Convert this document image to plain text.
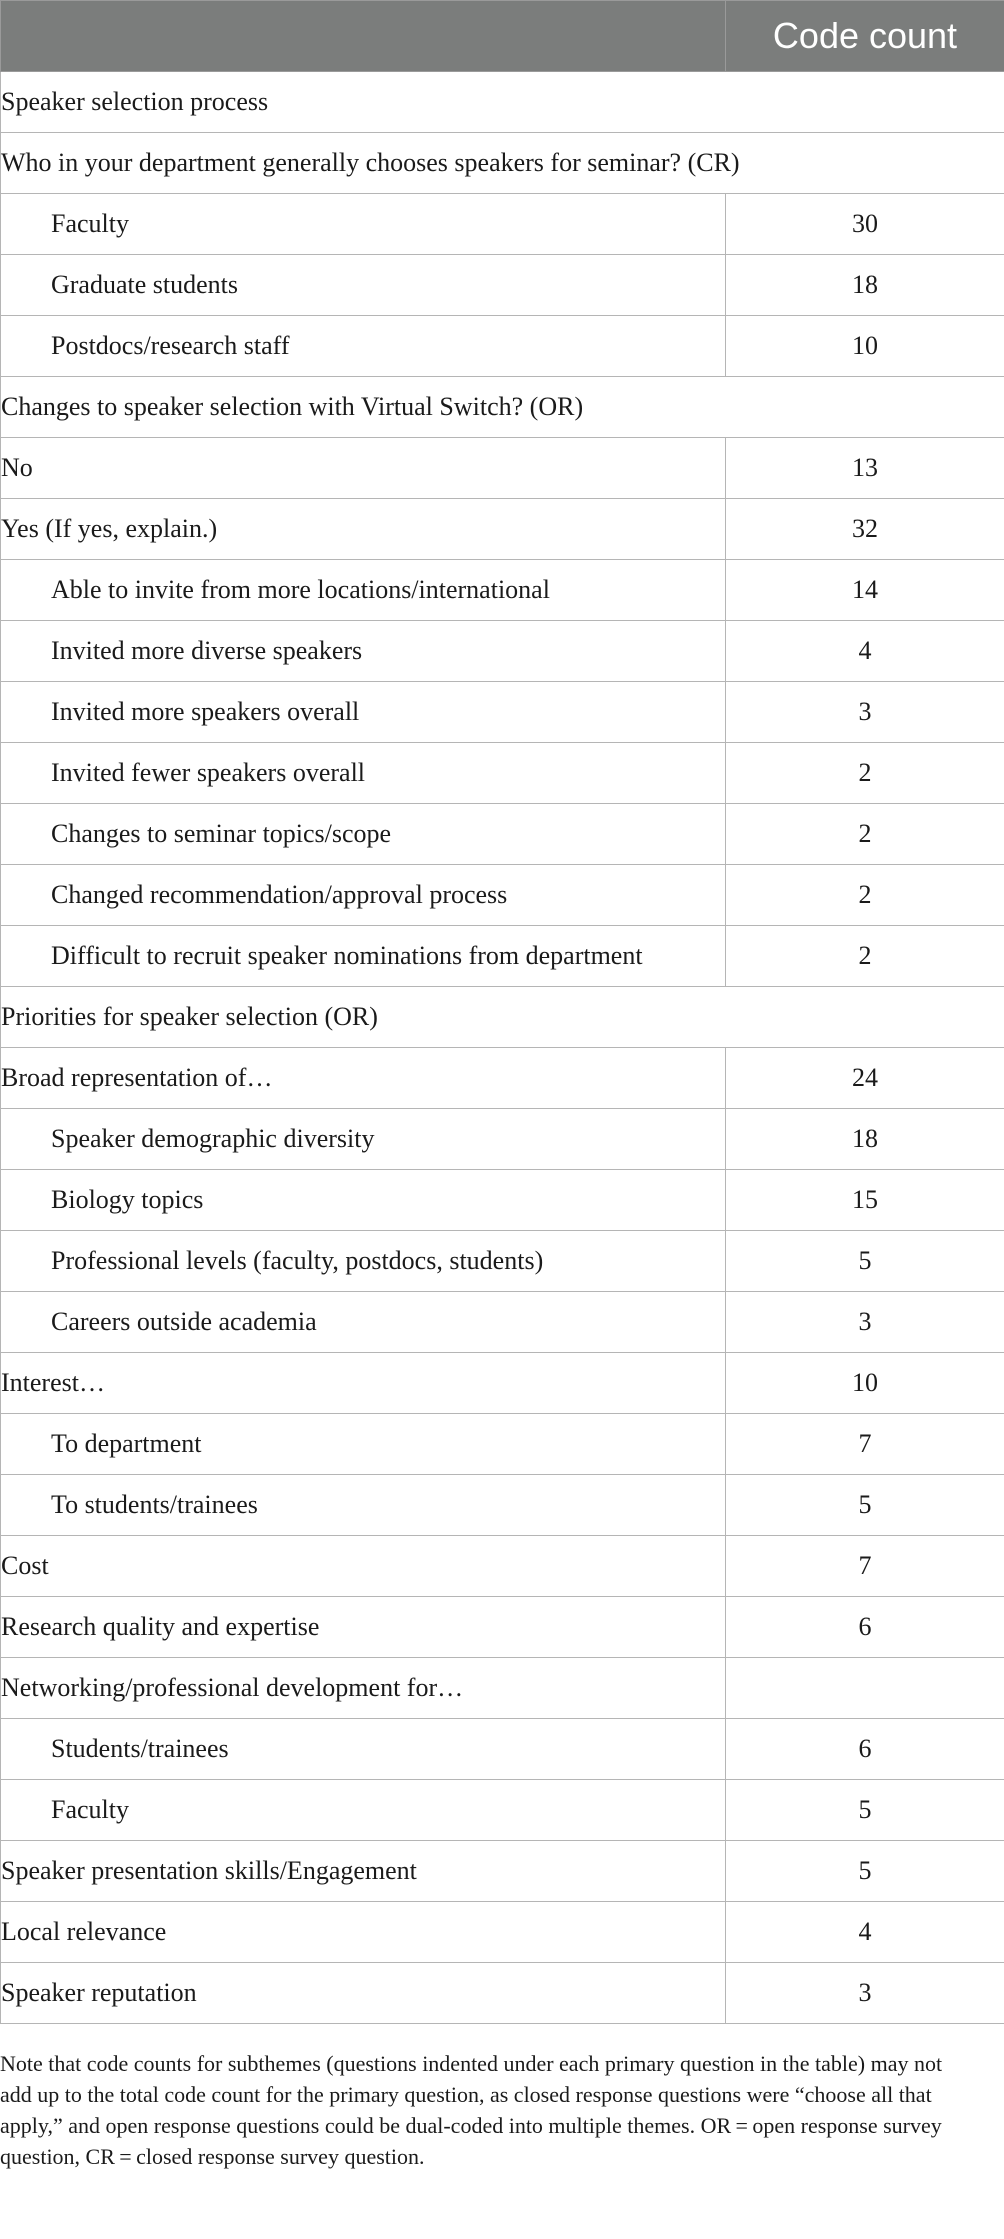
	Code count
Speaker selection process	
Who in your department generally chooses speakers for seminar? (CR)	
Faculty	30
Graduate students	18
Postdocs/research staff	10
Changes to speaker selection with Virtual Switch? (OR)	
No	13
Yes (If yes, explain.)	32
Able to invite from more locations/international	14
Invited more diverse speakers	4
Invited more speakers overall	3
Invited fewer speakers overall	2
Changes to seminar topics/scope	2
Changed recommendation/approval process	2
Difficult to recruit speaker nominations from department	2
Priorities for speaker selection (OR)	
Broad representation of…	24
Speaker demographic diversity	18
Biology topics	15
Professional levels (faculty, postdocs, students)	5
Careers outside academia	3
Interest…	10
To department	7
To students/trainees	5
Cost	7
Research quality and expertise	6
Networking/professional development for…	
Students/trainees	6
Faculty	5
Speaker presentation skills/Engagement	5
Local relevance	4
Speaker reputation	3

Note that code counts for subthemes (questions indented under each primary question in the table) may not add up to the total code count for the primary question, as closed response questions were “choose all that apply,” and open response questions could be dual-coded into multiple themes. OR = open response survey question, CR = closed response survey question.
